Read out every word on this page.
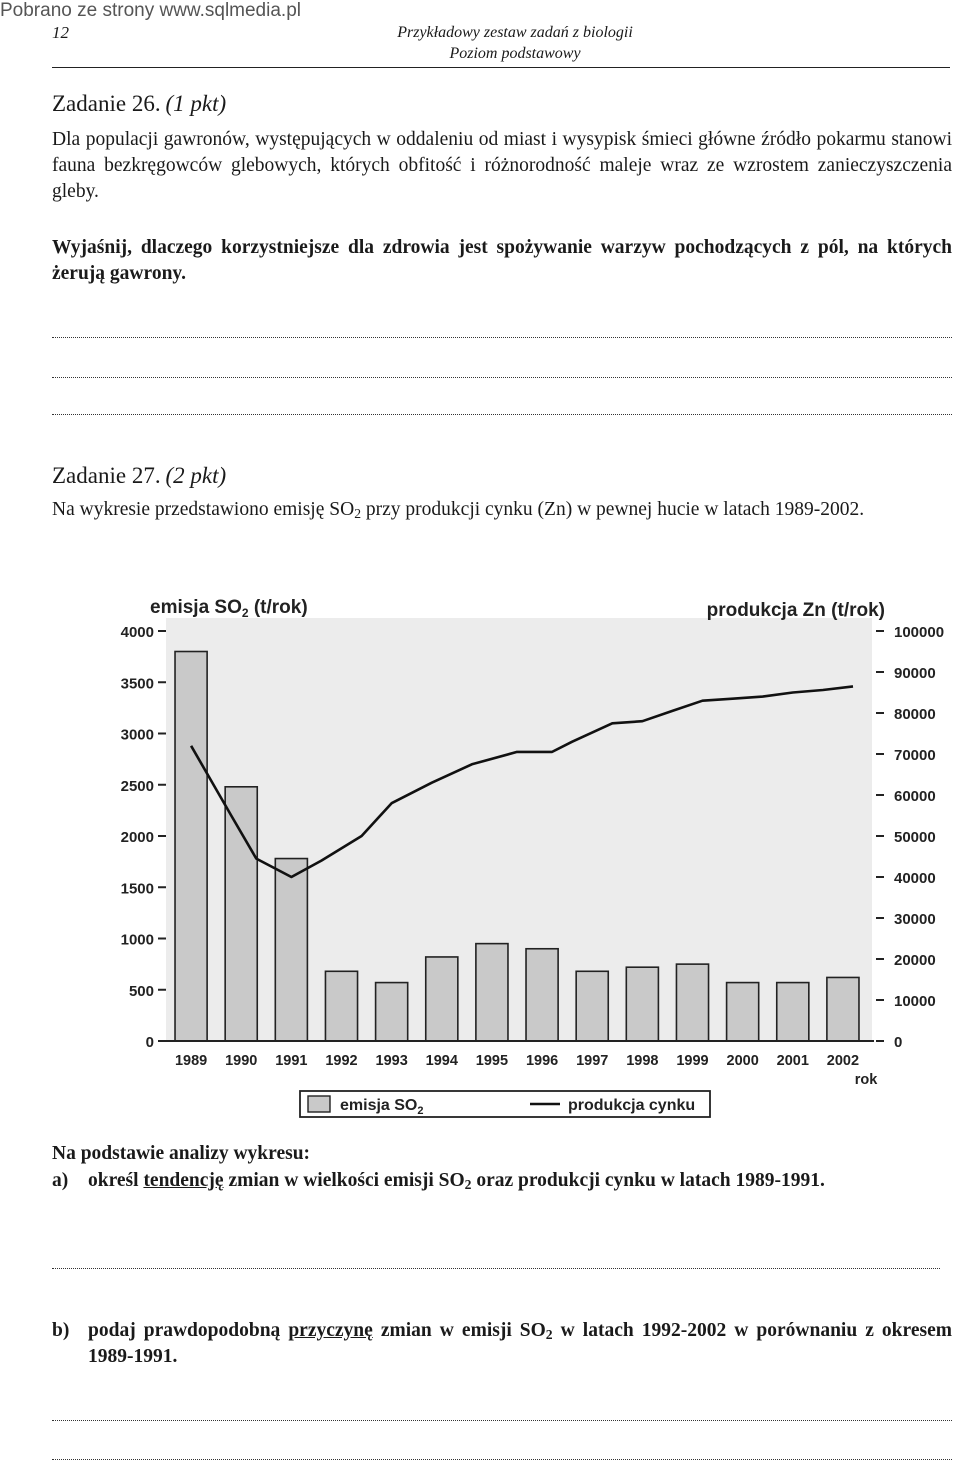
Pobrano ze strony www.sqlmedia.pl
12	Przykładowy zestaw zadań z biologii
Poziom podstawowy
Zadanie 26. (1 pkt)
Dla populacji gawronów, występujących w oddaleniu od miast i wysypisk śmieci główne źródło pokarmu stanowi fauna bezkręgowców glebowych, których obfitość i różnorodność maleje wraz ze wzrostem zanieczyszczenia gleby.
Wyjaśnij, dlaczego korzystniejsze dla zdrowia jest spożywanie warzyw pochodzących z pól, na których żerują gawrony.
Zadanie 27. (2 pkt)
Na wykresie przedstawiono emisję $SO_2$ przy produkcji cynku (Zn) w pewnej hucie w latach 1989-2002.
emisja $SO_2$ (t/rok)	produkcja Zn (t/rok)
4000
3500
3000
2500
2000
1500
1000
500
0
100000
90000
80000
70000
60000
50000
40000
30000
20000
10000
0
1989 1990 1991 1992 1993 1994 1995 1996 1997 1998 1999 2000 2001 2002
rok
emisja $SO_2$	produkcja cynku
Na podstawie analizy wykresu:
a)	określ tendencję zmian w wielkości emisji $SO_2$ oraz produkcji cynku w latach 1989-1991.
b) podaj prawdopodobną przyczynę zmian w emisji $SO_2$ w latach 1992-2002 w porównaniu z okresem 1989-1991.
